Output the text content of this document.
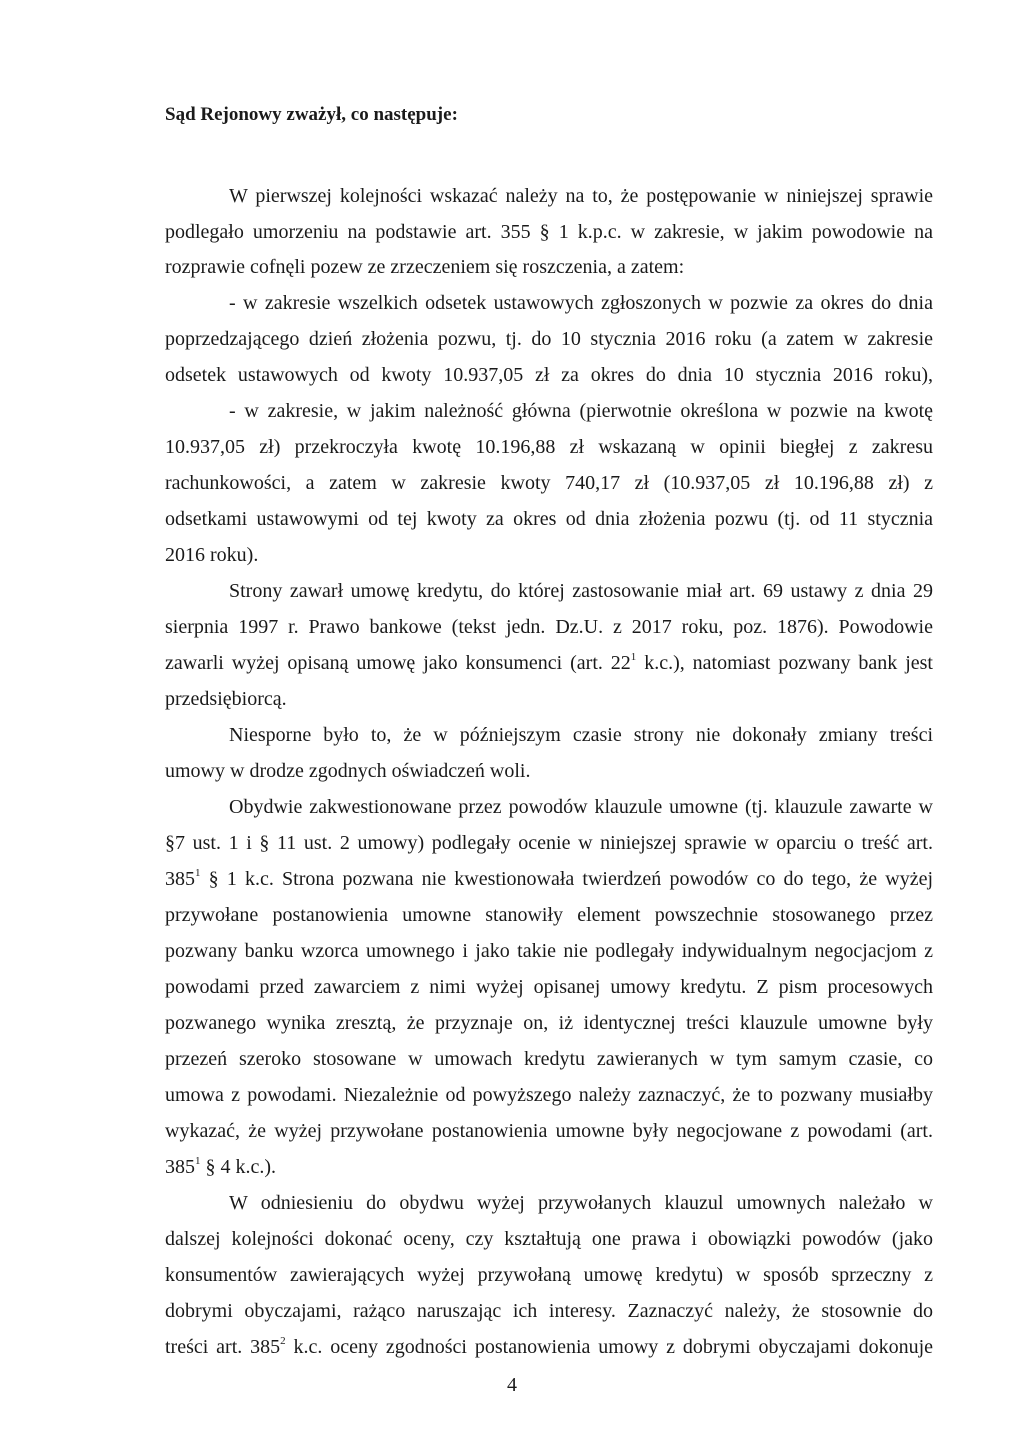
Sąd Rejonowy zważył, co następuje:

W pierwszej kolejności wskazać należy na to, że postępowanie w niniejszej sprawie

podlegało umorzeniu na podstawie art. 355 § 1 k.p.c. w zakresie, w jakim powodowie na

rozprawie cofnęli pozew ze zrzeczeniem się roszczenia, a zatem:

- w zakresie wszelkich odsetek ustawowych zgłoszonych w pozwie za okres do dnia

poprzedzającego dzień złożenia pozwu, tj. do 10 stycznia 2016 roku (a zatem w zakresie

odsetek ustawowych od kwoty 10.937,05 zł za okres do dnia 10 stycznia 2016 roku),

- w zakresie, w jakim należność główna (pierwotnie określona w pozwie na kwotę

10.937,05 zł) przekroczyła kwotę 10.196,88 zł wskazaną w opinii biegłej z zakresu

rachunkowości, a zatem w zakresie kwoty 740,17 zł (10.937,05 zł 10.196,88 zł) z

odsetkami ustawowymi od tej kwoty za okres od dnia złożenia pozwu (tj. od 11 stycznia

2016 roku).

Strony zawarł umowę kredytu, do której zastosowanie miał art. 69 ustawy z dnia 29

sierpnia 1997 r. Prawo bankowe (tekst jedn. Dz.U. z 2017 roku, poz. 1876). Powodowie

zawarli wyżej opisaną umowę jako konsumenci (art. $22^1$ k.c.), natomiast pozwany bank jest

przedsiębiorcą.

Niesporne było to, że w późniejszym czasie strony nie dokonały zmiany treści

umowy w drodze zgodnych oświadczeń woli.

Obydwie zakwestionowane przez powodów klauzule umowne (tj. klauzule zawarte w

§7 ust. 1 i § 11 ust. 2 umowy) podlegały ocenie w niniejszej sprawie w oparciu o treść art.

$385^1$ § 1 k.c. Strona pozwana nie kwestionowała twierdzeń powodów co do tego, że wyżej

przywołane postanowienia umowne stanowiły element powszechnie stosowanego przez

pozwany banku wzorca umownego i jako takie nie podlegały indywidualnym negocjacjom z

powodami przed zawarciem z nimi wyżej opisanej umowy kredytu. Z pism procesowych

pozwanego wynika zresztą, że przyznaje on, iż identycznej treści klauzule umowne były

przezeń szeroko stosowane w umowach kredytu zawieranych w tym samym czasie, co

umowa z powodami. Niezależnie od powyższego należy zaznaczyć, że to pozwany musiałby

wykazać, że wyżej przywołane postanowienia umowne były negocjowane z powodami (art.

$385^1$ § 4 k.c.).

W odniesieniu do obydwu wyżej przywołanych klauzul umownych należało w

dalszej kolejności dokonać oceny, czy kształtują one prawa i obowiązki powodów (jako

konsumentów zawierających wyżej przywołaną umowę kredytu) w sposób sprzeczny z

dobrymi obyczajami, rażąco naruszając ich interesy. Zaznaczyć należy, że stosownie do

treści art. $385^2$ k.c. oceny zgodności postanowienia umowy z dobrymi obyczajami dokonuje

4
